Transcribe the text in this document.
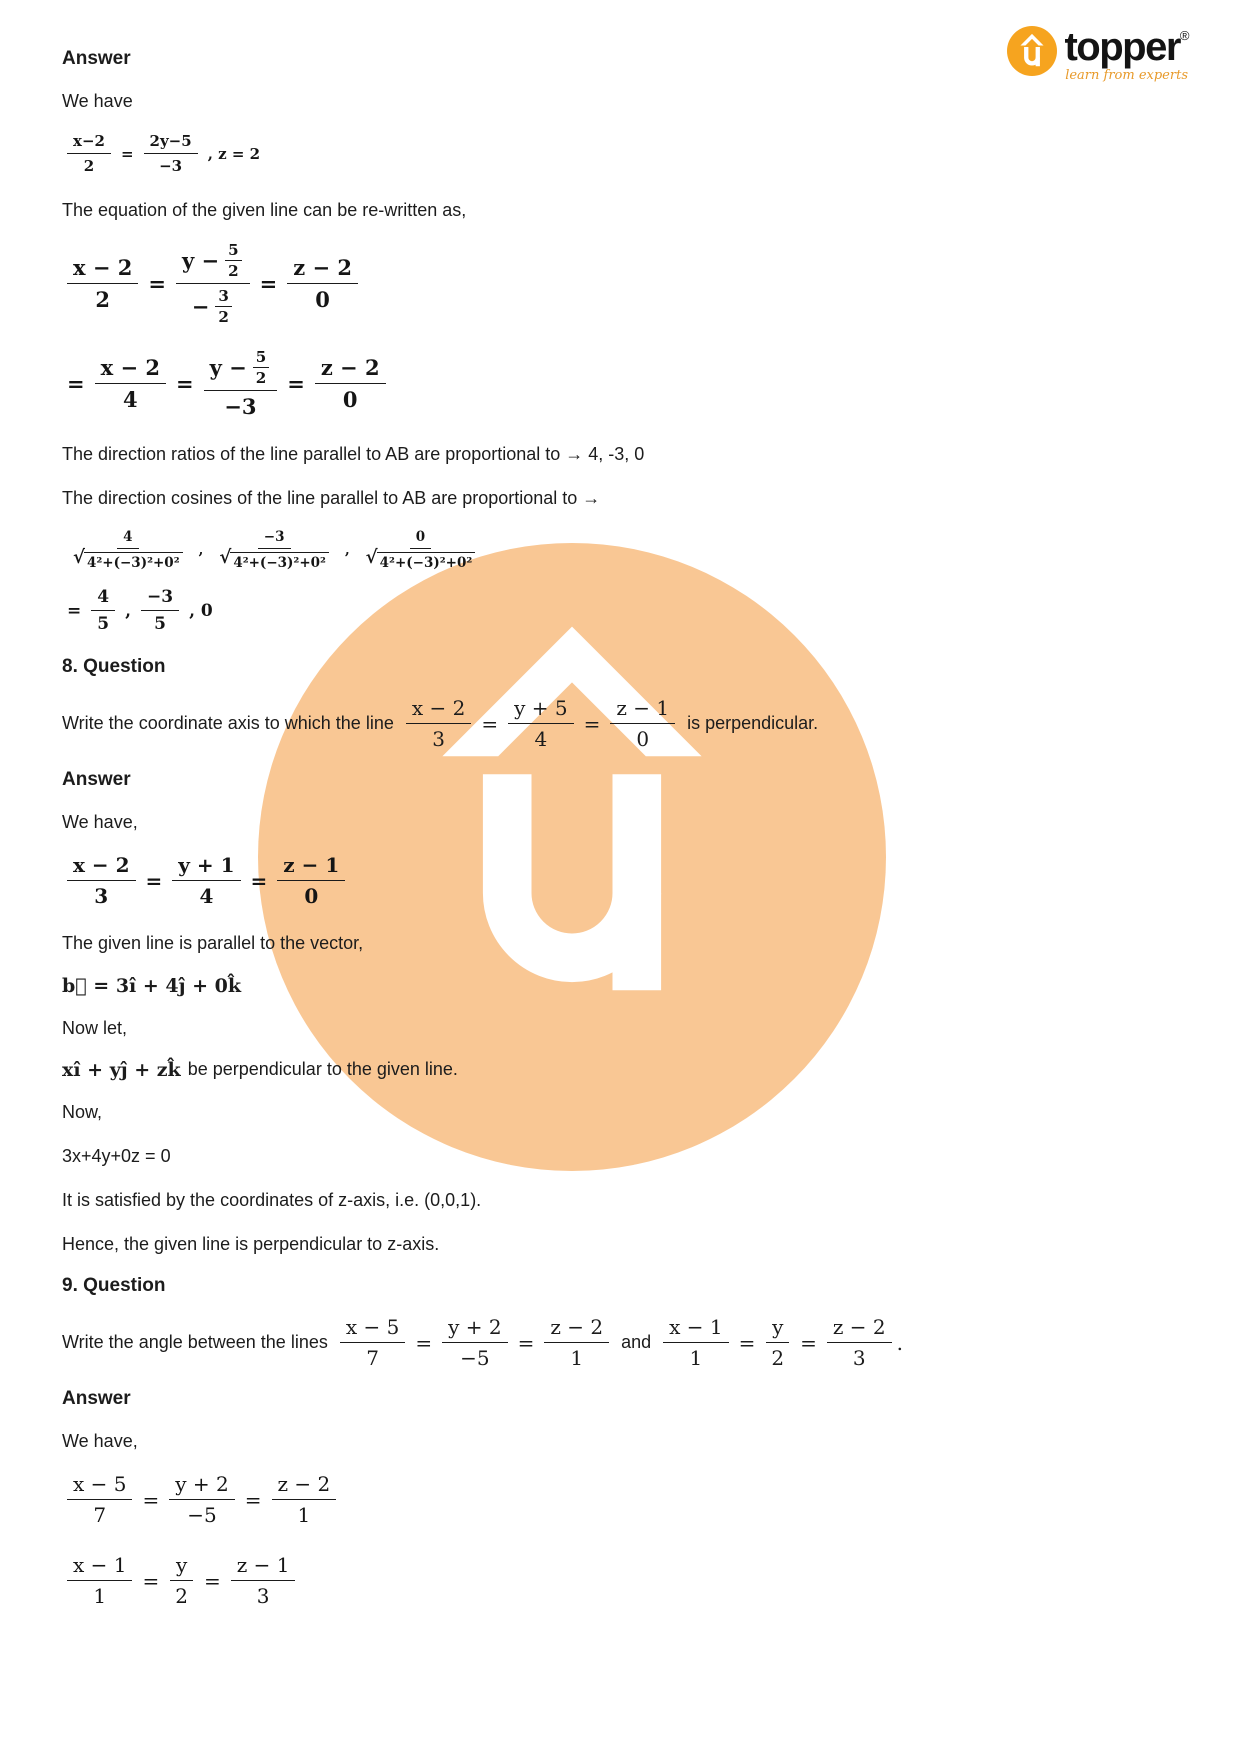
topper®
learn from experts
Answer
We have
$\frac{x-2}{2} = \frac{2y-5}{-3}$ , z = 2
The equation of the given line can be re-written as,
$\frac{x - 2}{2} = \frac{y - \frac{5}{2}}{- \frac{3}{2}} = \frac{z - 2}{0}$
= $\frac{x - 2}{4} = \frac{y - \frac{5}{2}}{-3} = \frac{z - 2}{0}$
The direction ratios of the line parallel to AB are proportional to → 4, -3, 0
The direction cosines of the line parallel to AB are proportional to →
$\frac{4}{\text{√ 4²+(−3)²+0²}}$ , $\frac{-3}{\text{√ 4²+(−3)²+0²}}$ , $\frac{0}{\text{√ 4²+(−3)²+0²}}$
= $\frac{4}{5}$ , $\frac{-3}{5}$ , 0
8. Question
Write the coordinate axis to which the line $\frac{x - 2}{3} = \frac{y + 5}{4} = \frac{z - 1}{0}$ is perpendicular.
Answer
We have,
$\frac{x - 2}{3} = \frac{y + 1}{4} = \frac{z - 1}{0}$
The given line is parallel to the vector,
b⃗ = 3î + 4ĵ + 0k̂
Now let,
xî + yĵ + zk̂ be perpendicular to the given line.
Now,
3x+4y+0z = 0
It is satisfied by the coordinates of z-axis, i.e. (0,0,1).
Hence, the given line is perpendicular to z-axis.
9. Question
Write the angle between the lines $\frac{x - 5}{7} = \frac{y + 2}{-5} = \frac{z - 2}{1}$ and $\frac{x - 1}{1} = \frac{y}{2} = \frac{z - 2}{3}$ .
Answer
We have,
$\frac{x - 5}{7} = \frac{y + 2}{-5} = \frac{z - 2}{1}$
$\frac{x - 1}{1} = \frac{y}{2} = \frac{z - 1}{3}$
